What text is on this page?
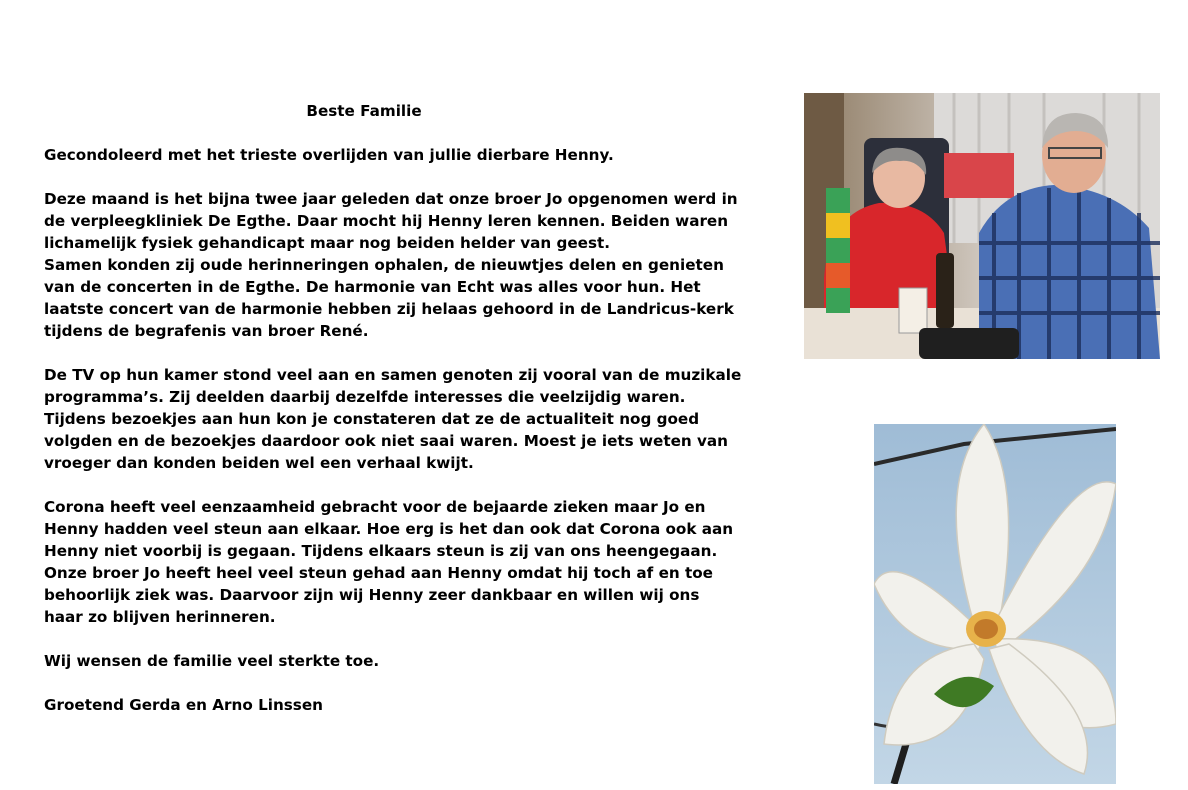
Beste Familie
Gecondoleerd met het trieste overlijden van jullie dierbare Henny.
Deze maand is het bijna twee jaar geleden dat onze broer Jo opgenomen werd in
de verpleegkliniek De Egthe. Daar mocht hij Henny leren kennen. Beiden waren
lichamelijk fysiek gehandicapt maar nog beiden helder van geest.
Samen konden zij oude herinneringen ophalen, de nieuwtjes delen en genieten
van de concerten in de Egthe. De harmonie van Echt was alles voor hun. Het
laatste concert van de harmonie hebben zij helaas gehoord in de Landricus-kerk
tijdens de begrafenis van broer René.
De TV op hun kamer stond veel aan en samen genoten zij vooral van de muzikale
programma’s. Zij deelden daarbij dezelfde interesses die veelzijdig waren.
Tijdens bezoekjes aan hun kon je constateren dat ze de actualiteit nog goed
volgden en de bezoekjes daardoor ook niet saai waren. Moest je iets weten van
vroeger dan konden beiden wel een verhaal kwijt.
Corona heeft veel eenzaamheid gebracht voor de bejaarde zieken maar Jo en
Henny hadden veel steun aan elkaar. Hoe erg is het dan ook dat Corona ook aan
Henny niet voorbij is gegaan. Tijdens elkaars steun is zij van ons heengegaan.
Onze broer Jo heeft heel veel steun gehad aan Henny omdat hij toch af en toe
behoorlijk ziek was. Daarvoor zijn wij Henny zeer dankbaar en willen wij ons
haar zo blijven herinneren.
Wij wensen de familie veel sterkte toe.
Groetend Gerda en Arno Linssen
